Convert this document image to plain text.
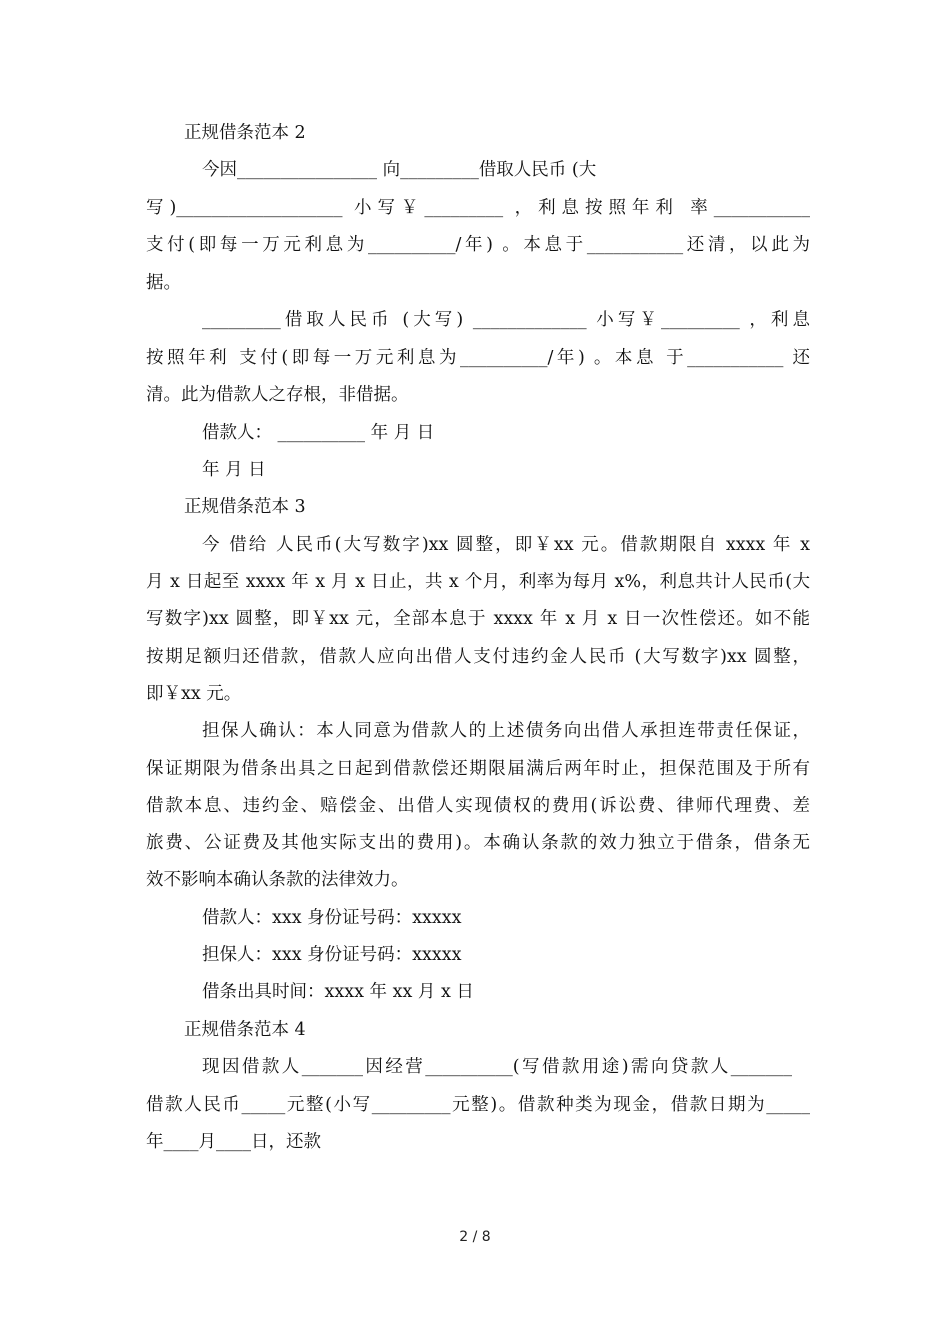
正规借条范本 2
今因________________ 向_________借取人民币 (大
写)___________________ 小写￥_________ ，利息按照年利 率___________
支付(即每一万元利息为__________/年) 。本息于___________还清，以此为
据。
_________借取人民币 (大写) _____________ 小写￥_________ ，利息
按照年利 支付(即每一万元利息为__________/年) 。本息 于___________ 还
清。此为借款人之存根，非借据。
借款人： __________ 年 月 日
年 月 日
正规借条范本 3
今 借给 人民币(大写数字)xx 圆整，即￥xx 元。借款期限自 xxxx 年 x
月 x 日起至 xxxx 年 x 月 x 日止，共 x 个月，利率为每月 x%，利息共计人民币(大
写数字)xx 圆整，即￥xx 元，全部本息于 xxxx 年 x 月 x 日一次性偿还。如不能
按期足额归还借款，借款人应向出借人支付违约金人民币 (大写数字)xx 圆整，
即￥xx 元。
担保人确认：本人同意为借款人的上述债务向出借人承担连带责任保证，
保证期限为借条出具之日起到借款偿还期限届满后两年时止，担保范围及于所有
借款本息、违约金、赔偿金、出借人实现债权的费用(诉讼费、律师代理费、差
旅费、公证费及其他实际支出的费用)。本确认条款的效力独立于借条，借条无
效不影响本确认条款的法律效力。
借款人：xxx 身份证号码：xxxxx
担保人：xxx 身份证号码：xxxxx
借条出具时间：xxxx 年 xx 月 x 日
正规借条范本 4
现因借款人_______因经营__________(写借款用途)需向贷款人_______
借款人民币_____元整(小写_________元整)。借款种类为现金，借款日期为_____
年____月____日，还款
2 / 8
